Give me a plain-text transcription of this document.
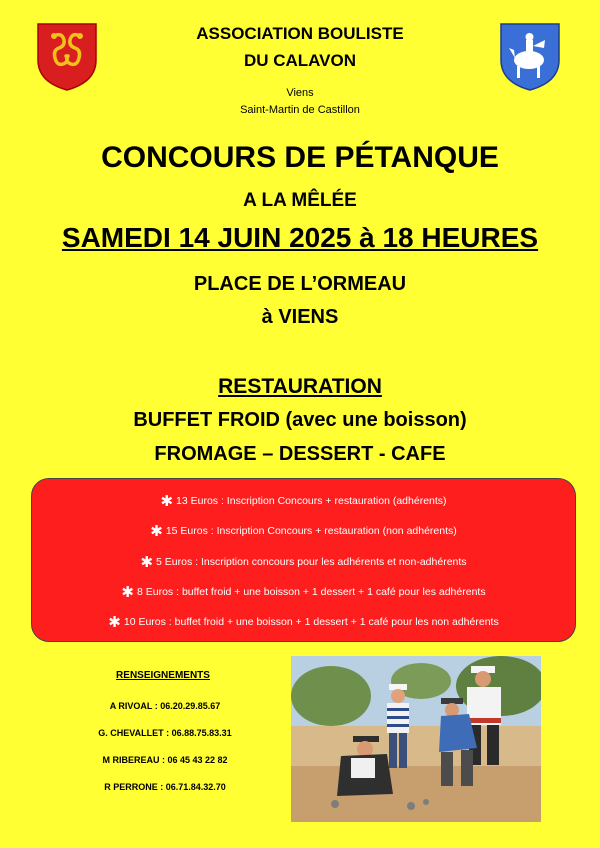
ASSOCIATION BOULISTE
DU CALAVON
Viens
Saint-Martin de Castillon
CONCOURS DE PÉTANQUE
A LA MÊLÉE
SAMEDI 14 JUIN 2025 à 18 HEURES
PLACE DE L’ORMEAU
à VIENS
RESTAURATION
BUFFET FROID (avec une boisson)
FROMAGE – DESSERT - CAFE
✱ 13 Euros : Inscription Concours + restauration (adhérents)
✱ 15 Euros : Inscription Concours + restauration (non adhérents)
✱ 5 Euros : Inscription concours pour les adhérents et non-adhérents
✱ 8 Euros : buffet froid + une boisson + 1 dessert + 1 café pour les adhérents
✱ 10 Euros : buffet froid + une boisson + 1 dessert + 1 café pour les non adhérents
RENSEIGNEMENTS
A RIVOAL : 06.20.29.85.67
G. CHEVALLET : 06.88.75.83.31
M RIBEREAU : 06 45 43 22 82
R PERRONE : 06.71.84.32.70
